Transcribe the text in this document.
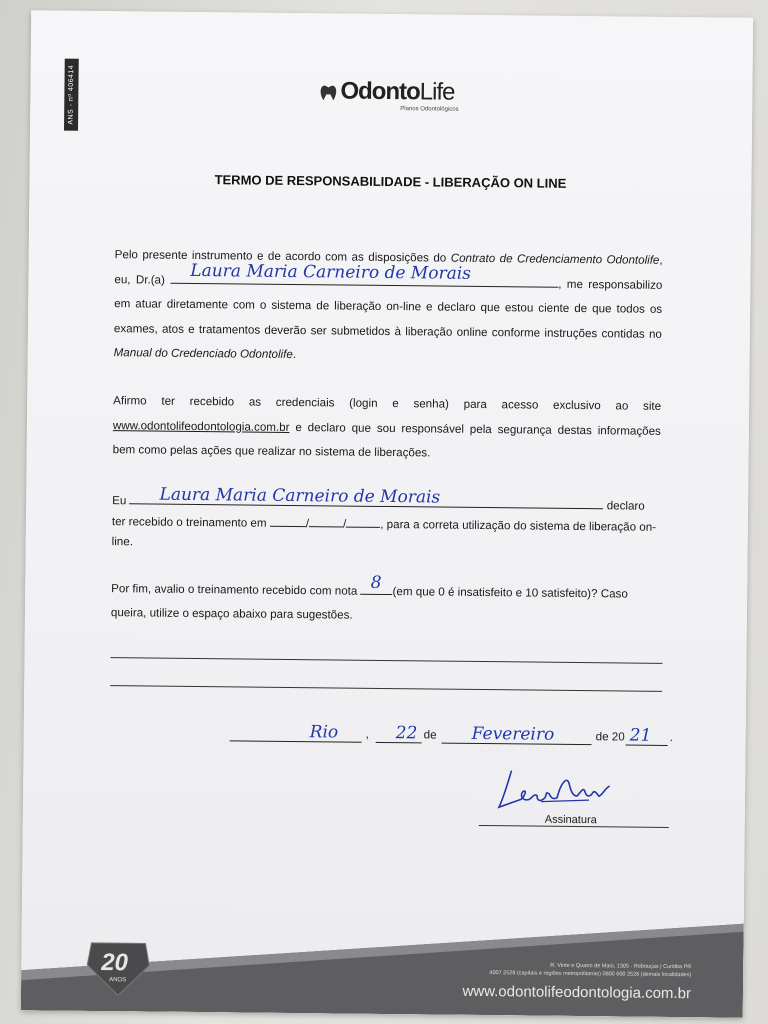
ANS - nº 406414	OdontoLife
Planos Odontológicos
TERMO DE RESPONSABILIDADE - LIBERAÇÃO ON LINE
Pelo presente instrumento e de acordo com as disposições do Contrato de Credenciamento Odontolife, eu, Dr.(a) Laura Maria Carneiro de Morais
, me responsabilizo em atuar diretamente com o sistema de liberação on-line e declaro que estou ciente de que todos os exames, atos e tratamentos deverão ser submetidos à liberação online conforme instruções contidas no Manual do Credenciado Odontolife.
Afirmo ter recebido as credenciais (login e senha) para acesso exclusivo ao site www.odontolifeodontologia.com.br e declaro que sou responsável pela segurança destas informações bem como pelas ações que realizar no sistema de liberações.
Eu Laura Maria Carneiro de Morais	declaro ter recebido o treinamento em	/	/	, para a correta utilização do sistema de liberação on-line.
Por fim, avalio o treinamento recebido com nota 8 (em que 0 é insatisfeito e 10 satisfeito)? Caso queira, utilize o espaço abaixo para sugestões.
Rio , 22 de Fevereiro	de 20 21 .
Assinatura
20
ANOS
R. Vinte e Quatro de Maio, 1305 - Rebouças | Curitiba PR
4007 2528 (capitais e regiões metropolitanas) 0800 600 2528 (demais localidades)
www.odontolifeodontologia.com.br
